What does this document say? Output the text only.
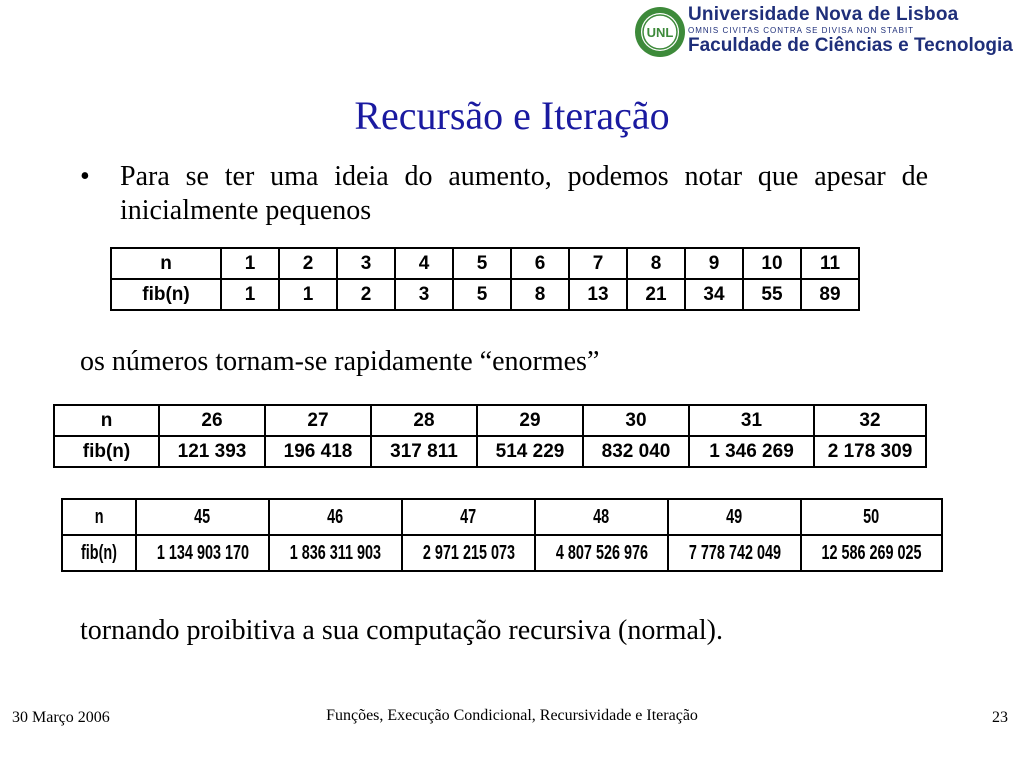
UNL
Universidade Nova de Lisboa
OMNIS CIVITAS CONTRA SE DIVISA NON STABIT
Faculdade de Ciências e Tecnologia
Recursão e Iteração
• Para se ter uma ideia do aumento, podemos notar que apesar de inicialmente pequenos
n	1	2	3	4	5	6	7	8	9	10	11
fib(n)	1	1	2	3	5	8	13	21	34	55	89
os números tornam-se rapidamente “enormes”
n	26	27	28	29	30	31	32
fib(n)	121 393	196 418	317 811	514 229	832 040	1 346 269	2 178 309
n	45	46	47	48	49	50
fib(n)	1 134 903 170	1 836 311 903	2 971 215 073	4 807 526 976	7 778 742 049	12 586 269 025
tornando proibitiva a sua computação recursiva (normal).
30 Março 2006	Funções, Execução Condicional, Recursividade e Iteração	23
